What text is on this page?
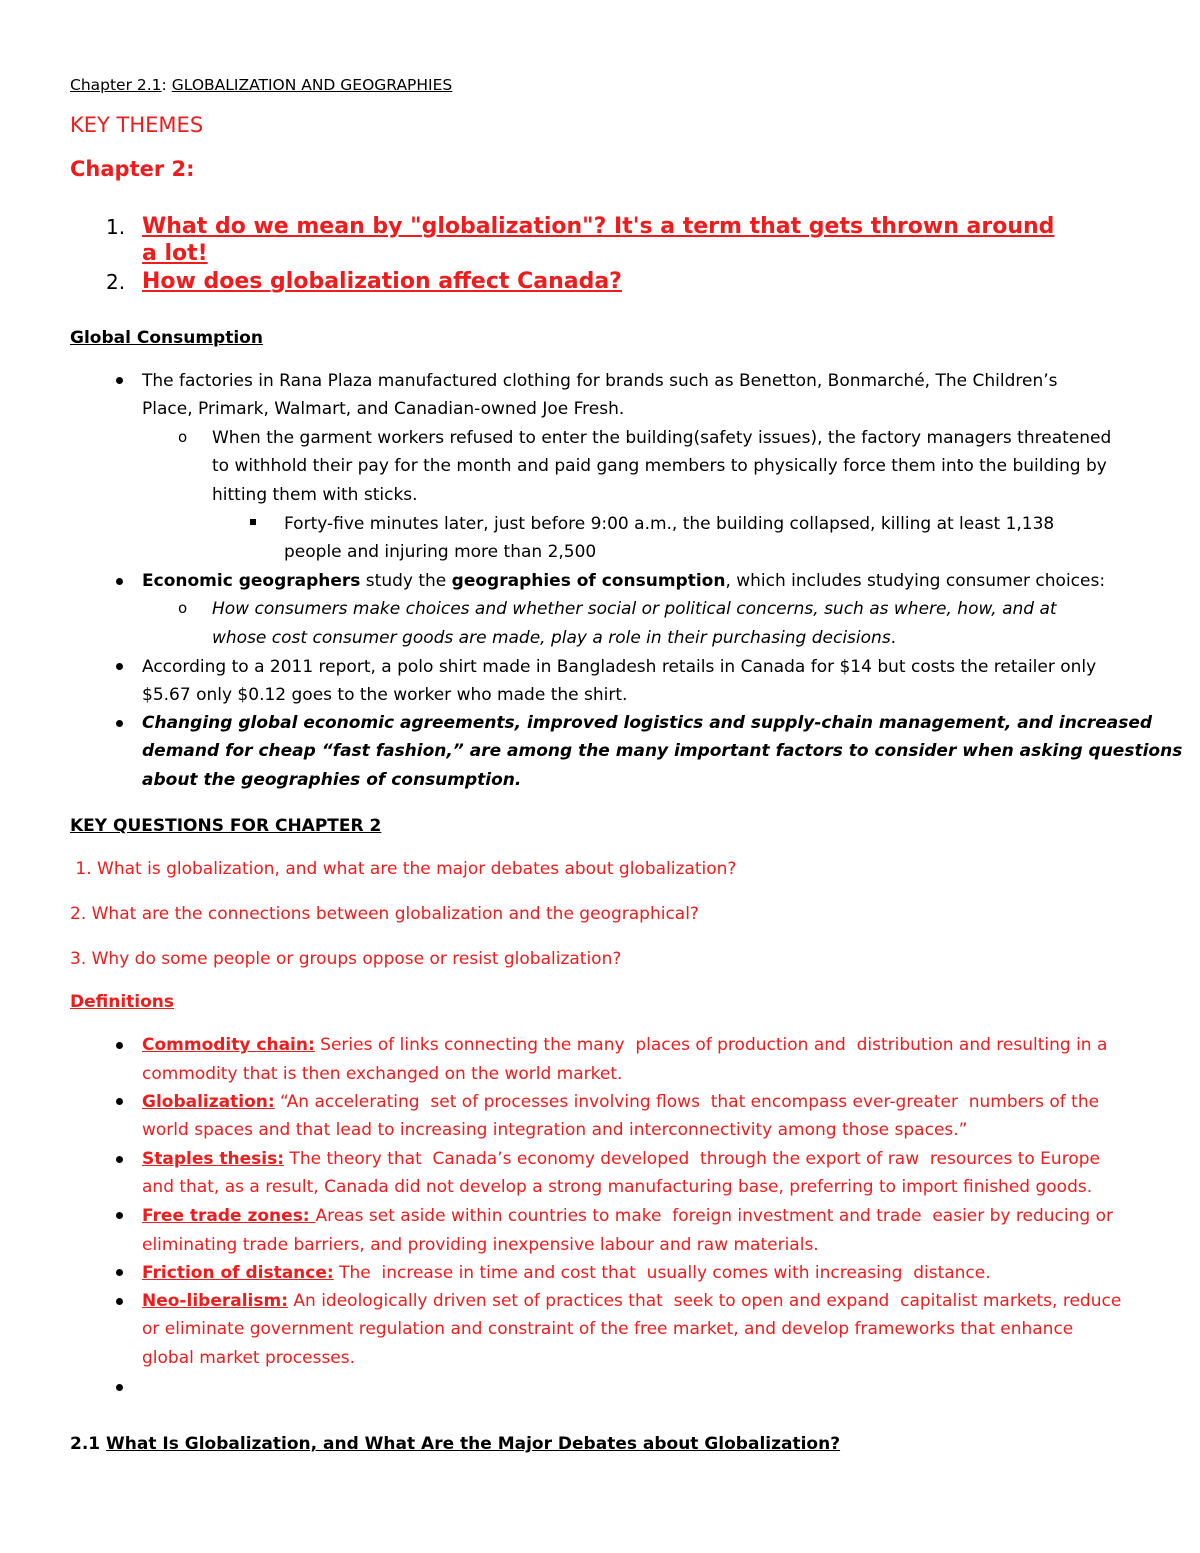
Chapter 2.1: GLOBALIZATION AND GEOGRAPHIES
KEY THEMES
Chapter 2:
1. What do we mean by "globalization"? It's a term that gets thrown around
a lot!
2. How does globalization affect Canada?
Global Consumption
The factories in Rana Plaza manufactured clothing for brands such as Benetton, Bonmarché, The Children’s
Place, Primark, Walmart, and Canadian-owned Joe Fresh.
o When the garment workers refused to enter the building(safety issues), the factory managers threatened
to withhold their pay for the month and paid gang members to physically force them into the building by
hitting them with sticks.
Forty-five minutes later, just before 9:00 a.m., the building collapsed, killing at least 1,138
people and injuring more than 2,500
Economic geographers study the geographies of consumption, which includes studying consumer choices:
o How consumers make choices and whether social or political concerns, such as where, how, and at
whose cost consumer goods are made, play a role in their purchasing decisions.
According to a 2011 report, a polo shirt made in Bangladesh retails in Canada for $14 but costs the retailer only
$5.67 only $0.12 goes to the worker who made the shirt.
Changing global economic agreements, improved logistics and supply-chain management, and increased
demand for cheap “fast fashion,” are among the many important factors to consider when asking questions
about the geographies of consumption.
KEY QUESTIONS FOR CHAPTER 2
1. What is globalization, and what are the major debates about globalization?
2. What are the connections between globalization and the geographical?
3. Why do some people or groups oppose or resist globalization?
Definitions
Commodity chain: Series of links connecting the many  places of production and  distribution and resulting in a
commodity that is then exchanged on the world market.
Globalization: “An accelerating  set of processes involving flows  that encompass ever-greater  numbers of the
world spaces and that lead to increasing integration and interconnectivity among those spaces.”
Staples thesis: The theory that  Canada’s economy developed  through the export of raw  resources to Europe
and that, as a result, Canada did not develop a strong manufacturing base, preferring to import finished goods.
Free trade zones: Areas set aside within countries to make  foreign investment and trade  easier by reducing or
eliminating trade barriers, and providing inexpensive labour and raw materials.
Friction of distance: The  increase in time and cost that  usually comes with increasing  distance.
Neo-liberalism: An ideologically driven set of practices that  seek to open and expand  capitalist markets, reduce
or eliminate government regulation and constraint of the free market, and develop frameworks that enhance
global market processes.
2.1 What Is Globalization, and What Are the Major Debates about Globalization?
